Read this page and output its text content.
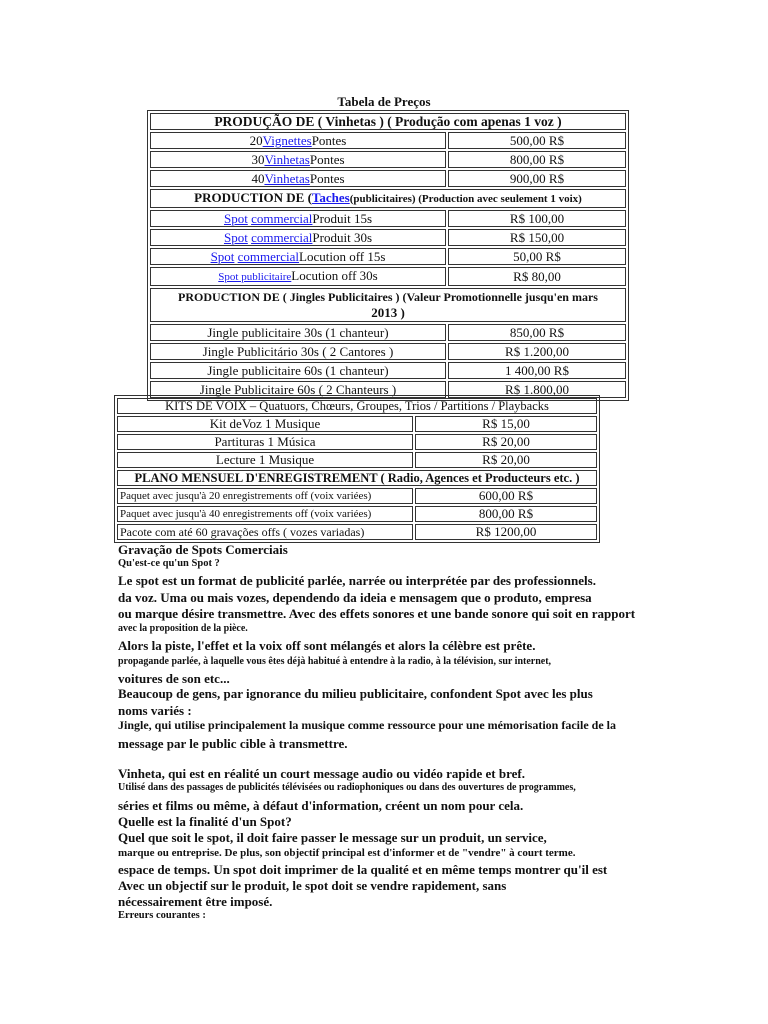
Tabela de Preços
PRODUÇÃO DE ( Vinhetas ) ( Produção com apenas 1 voz )	
20VignettesPontes	500,00 R$
30VinhetasPontes	800,00 R$
40VinhetasPontes	900,00 R$
PRODUCTION DE (Taches(publicitaires) (Production avec seulement 1 voix)	
Spot commercialProduit 15s	R$ 100,00
Spot commercialProduit 30s	R$ 150,00
Spot commercialLocution off 15s	50,00 R$
Spot publicitaireLocution off 30s	R$ 80,00
PRODUCTION DE ( Jingles Publicitaires ) (Valeur Promotionnelle jusqu'en mars
2013 )	
Jingle publicitaire 30s (1 chanteur)	850,00 R$
Jingle Publicitário 30s ( 2 Cantores )	R$ 1.200,00
Jingle publicitaire 60s (1 chanteur)	1 400,00 R$
Jingle Publicitaire 60s ( 2 Chanteurs )	R$ 1.800,00
KITS DE VOIX – Quatuors, Chœurs, Groupes, Trios / Partitions / Playbacks	
Kit deVoz 1 Musique	R$ 15,00
Partituras 1 Música	R$ 20,00
Lecture 1 Musique	R$ 20,00
PLANO MENSUEL D'ENREGISTREMENT ( Radio, Agences et Producteurs etc. )	
Paquet avec jusqu'à 20 enregistrements off (voix variées)	600,00 R$
Paquet avec jusqu'à 40 enregistrements off (voix variées)	800,00 R$
Pacote com até 60 gravações offs ( vozes variadas)	R$ 1200,00
Gravação de Spots Comerciais
Qu'est-ce qu'un Spot ?
Le spot est un format de publicité parlée, narrée ou interprétée par des professionnels.
da voz. Uma ou mais vozes, dependendo da ideia e mensagem que o produto, empresa
ou marque désire transmettre. Avec des effets sonores et une bande sonore qui soit en rapport
avec la proposition de la pièce.
Alors la piste, l'effet et la voix off sont mélangés et alors la célèbre est prête.
propagande parlée, à laquelle vous êtes déjà habitué à entendre à la radio, à la télévision, sur internet,
voitures de son etc...
Beaucoup de gens, par ignorance du milieu publicitaire, confondent Spot avec les plus
noms variés :
Jingle, qui utilise principalement la musique comme ressource pour une mémorisation facile de la
message par le public cible à transmettre.
Vinheta, qui est en réalité un court message audio ou vidéo rapide et bref.
Utilisé dans des passages de publicités télévisées ou radiophoniques ou dans des ouvertures de programmes,
séries et films ou même, à défaut d'information, créent un nom pour cela.
Quelle est la finalité d'un Spot?
Quel que soit le spot, il doit faire passer le message sur un produit, un service,
marque ou entreprise. De plus, son objectif principal est d'informer et de "vendre" à court terme.
espace de temps. Un spot doit imprimer de la qualité et en même temps montrer qu'il est
Avec un objectif sur le produit, le spot doit se vendre rapidement, sans
nécessairement être imposé.
Erreurs courantes :
